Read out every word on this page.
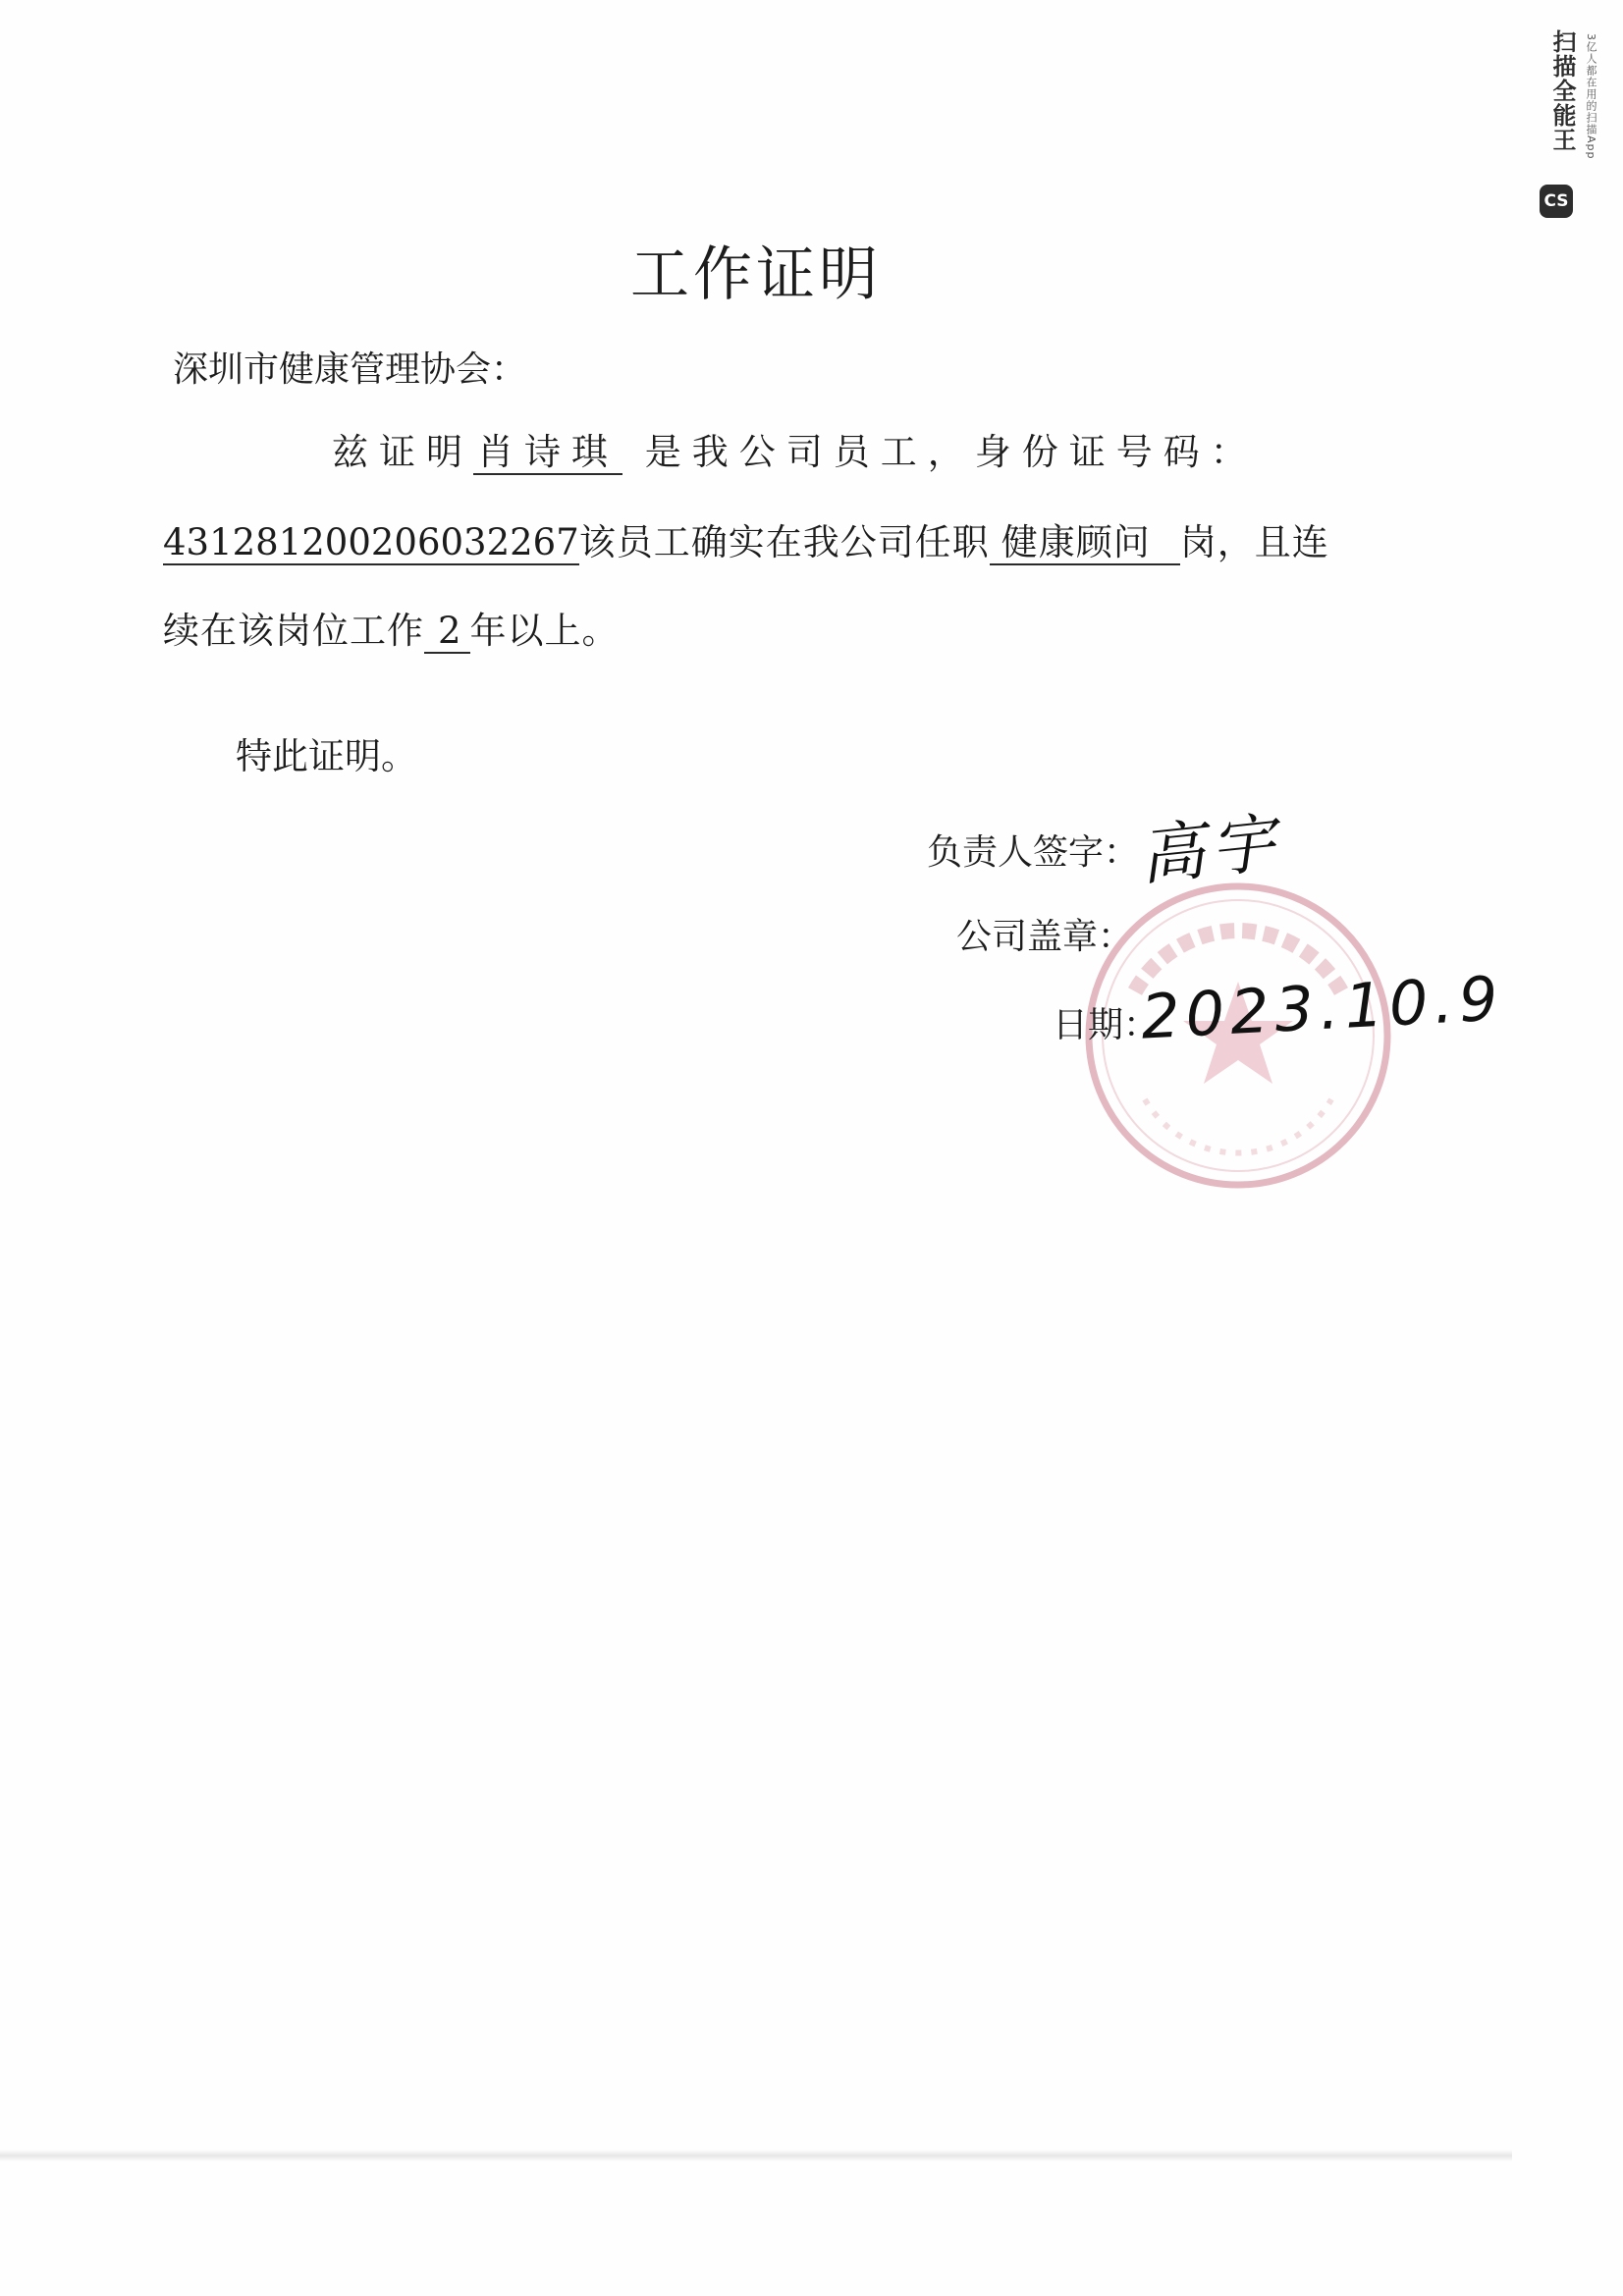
工作证明
深圳市健康管理协会：
兹证明 肖诗琪 是我公司员工，身份证号码：
431281200206032267该员工确实在我公司任职 健康顾问 岗，且连
续在该岗位工作 2 年以上。
特此证明。
负责人签字：
高宇
公司盖章：
日期：
2023.10.9
扫描全能王 3亿人都在用的扫描App
CS
